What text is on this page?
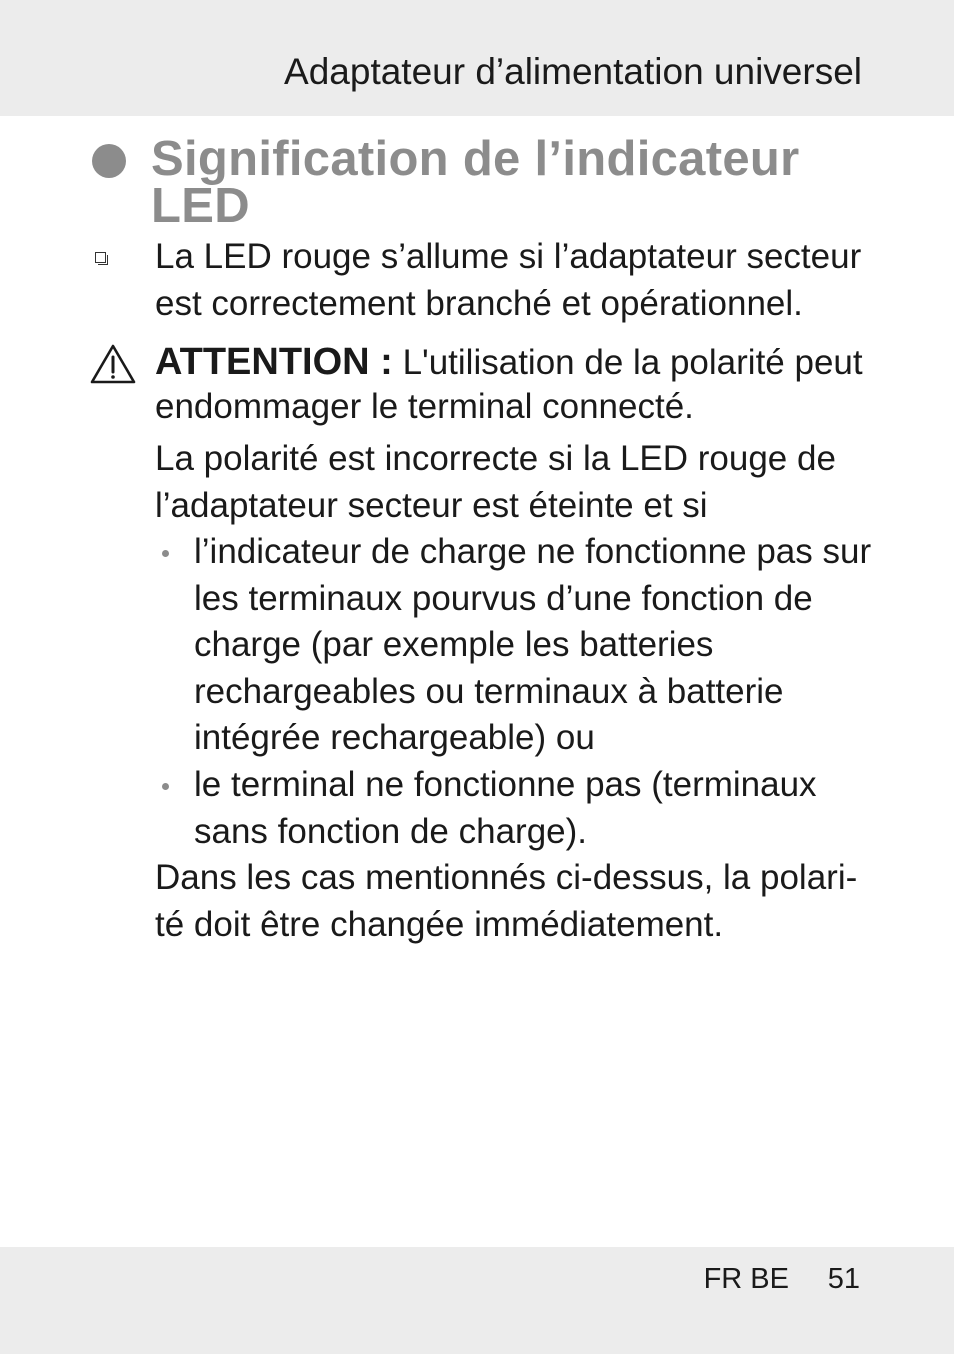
Adaptateur d’alimentation universel
Signification de l’indicateur LED
La LED rouge s’allume si l’adaptateur secteur est correctement branché et opérationnel.
ATTENTION : L'utilisation de la polarité peut endommager le terminal connecté.
La polarité est incorrecte si la LED rouge de l’adaptateur secteur est éteinte et si
l’indicateur de charge ne fonctionne pas sur les terminaux pourvus d’une fonction de charge (par exemple les batteries rechargeables ou terminaux à batterie intégrée rechargeable) ou
le terminal ne fonctionne pas (terminaux sans fonction de charge).
Dans les cas mentionnés ci-dessus, la polari-té doit être changée immédiatement.
FR BE 51
